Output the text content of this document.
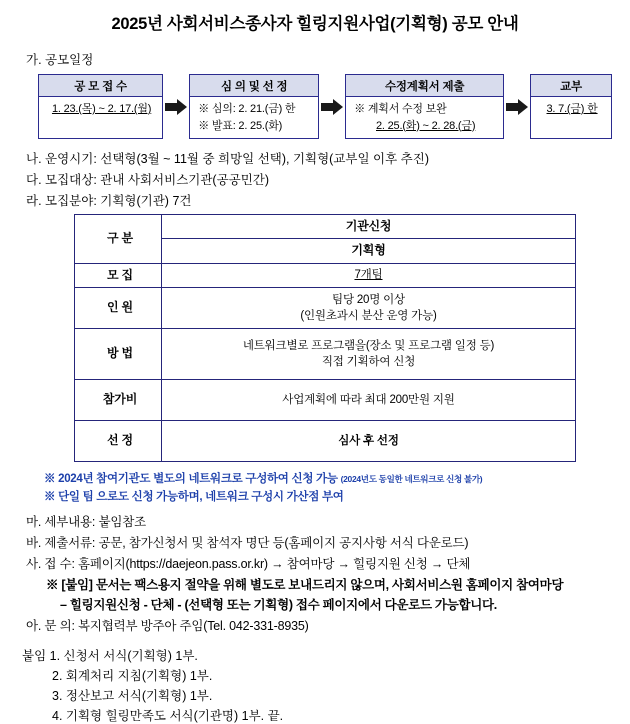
2025년 사회서비스종사자 힐링지원사업(기획형) 공모 안내
가. 공모일정
공 모 접 수
1. 23.(목) ~ 2. 17.(월)
심 의 및 선 정
※ 심의: 2. 21.(금) 한
※ 발표: 2. 25.(화)
수정계획서 제출
※ 계획서 수정 보완
2. 25.(화) ~ 2. 28.(금)
교부
3. 7.(금) 한
나. 운영시기: 선택형(3월 ~ 11월 중 희망일 선택), 기획형(교부일 이후 추진)
다. 모집대상: 관내 사회서비스기관(공공민간)
라. 모집분야: 기획형(기관) 7건
구 분	기관신청
	기획형
모 집	7개팀
인 원	팀당 20명 이상
(인원초과시 분산 운영 가능)

방 법	네트워크별로 프로그램을(장소 및 프로그램 일정 등)
직접 기획하여 신청

참가비	사업계획에 따라 최대 200만원 지원
선 정	심사 후 선정
※ 2024년 참여기관도 별도의 네트워크로 구성하여 신청 가능 (2024년도 동일한 네트워크로 신청 불가)
※ 단일 팀 으로도 신청 가능하며, 네트워크 구성시 가산점 부여
마. 세부내용: 붙임참조
바. 제출서류: 공문, 참가신청서 및 참석자 명단 등(홈페이지 공지사항 서식 다운로드)
사. 접 수: 홈페이지(https://daejeon.pass.or.kr) → 참여마당 → 힐링지원 신청 → 단체
※ [붙임] 문서는 팩스용지 절약을 위해 별도로 보내드리지 않으며, 사회서비스원 홈페이지 참여마당
– 힐링지원신청 - 단체 - (선택형 또는 기획형) 접수 페이지에서 다운로드 가능합니다.
아. 문 의: 복지협력부 방주아 주임(Tel. 042-331-8935)
붙임 1. 신청서 서식(기획형) 1부.
2. 회계처리 지침(기획형) 1부.
3. 정산보고 서식(기획형) 1부.
4. 기획형 힐링만족도 서식(기관명) 1부. 끝.
